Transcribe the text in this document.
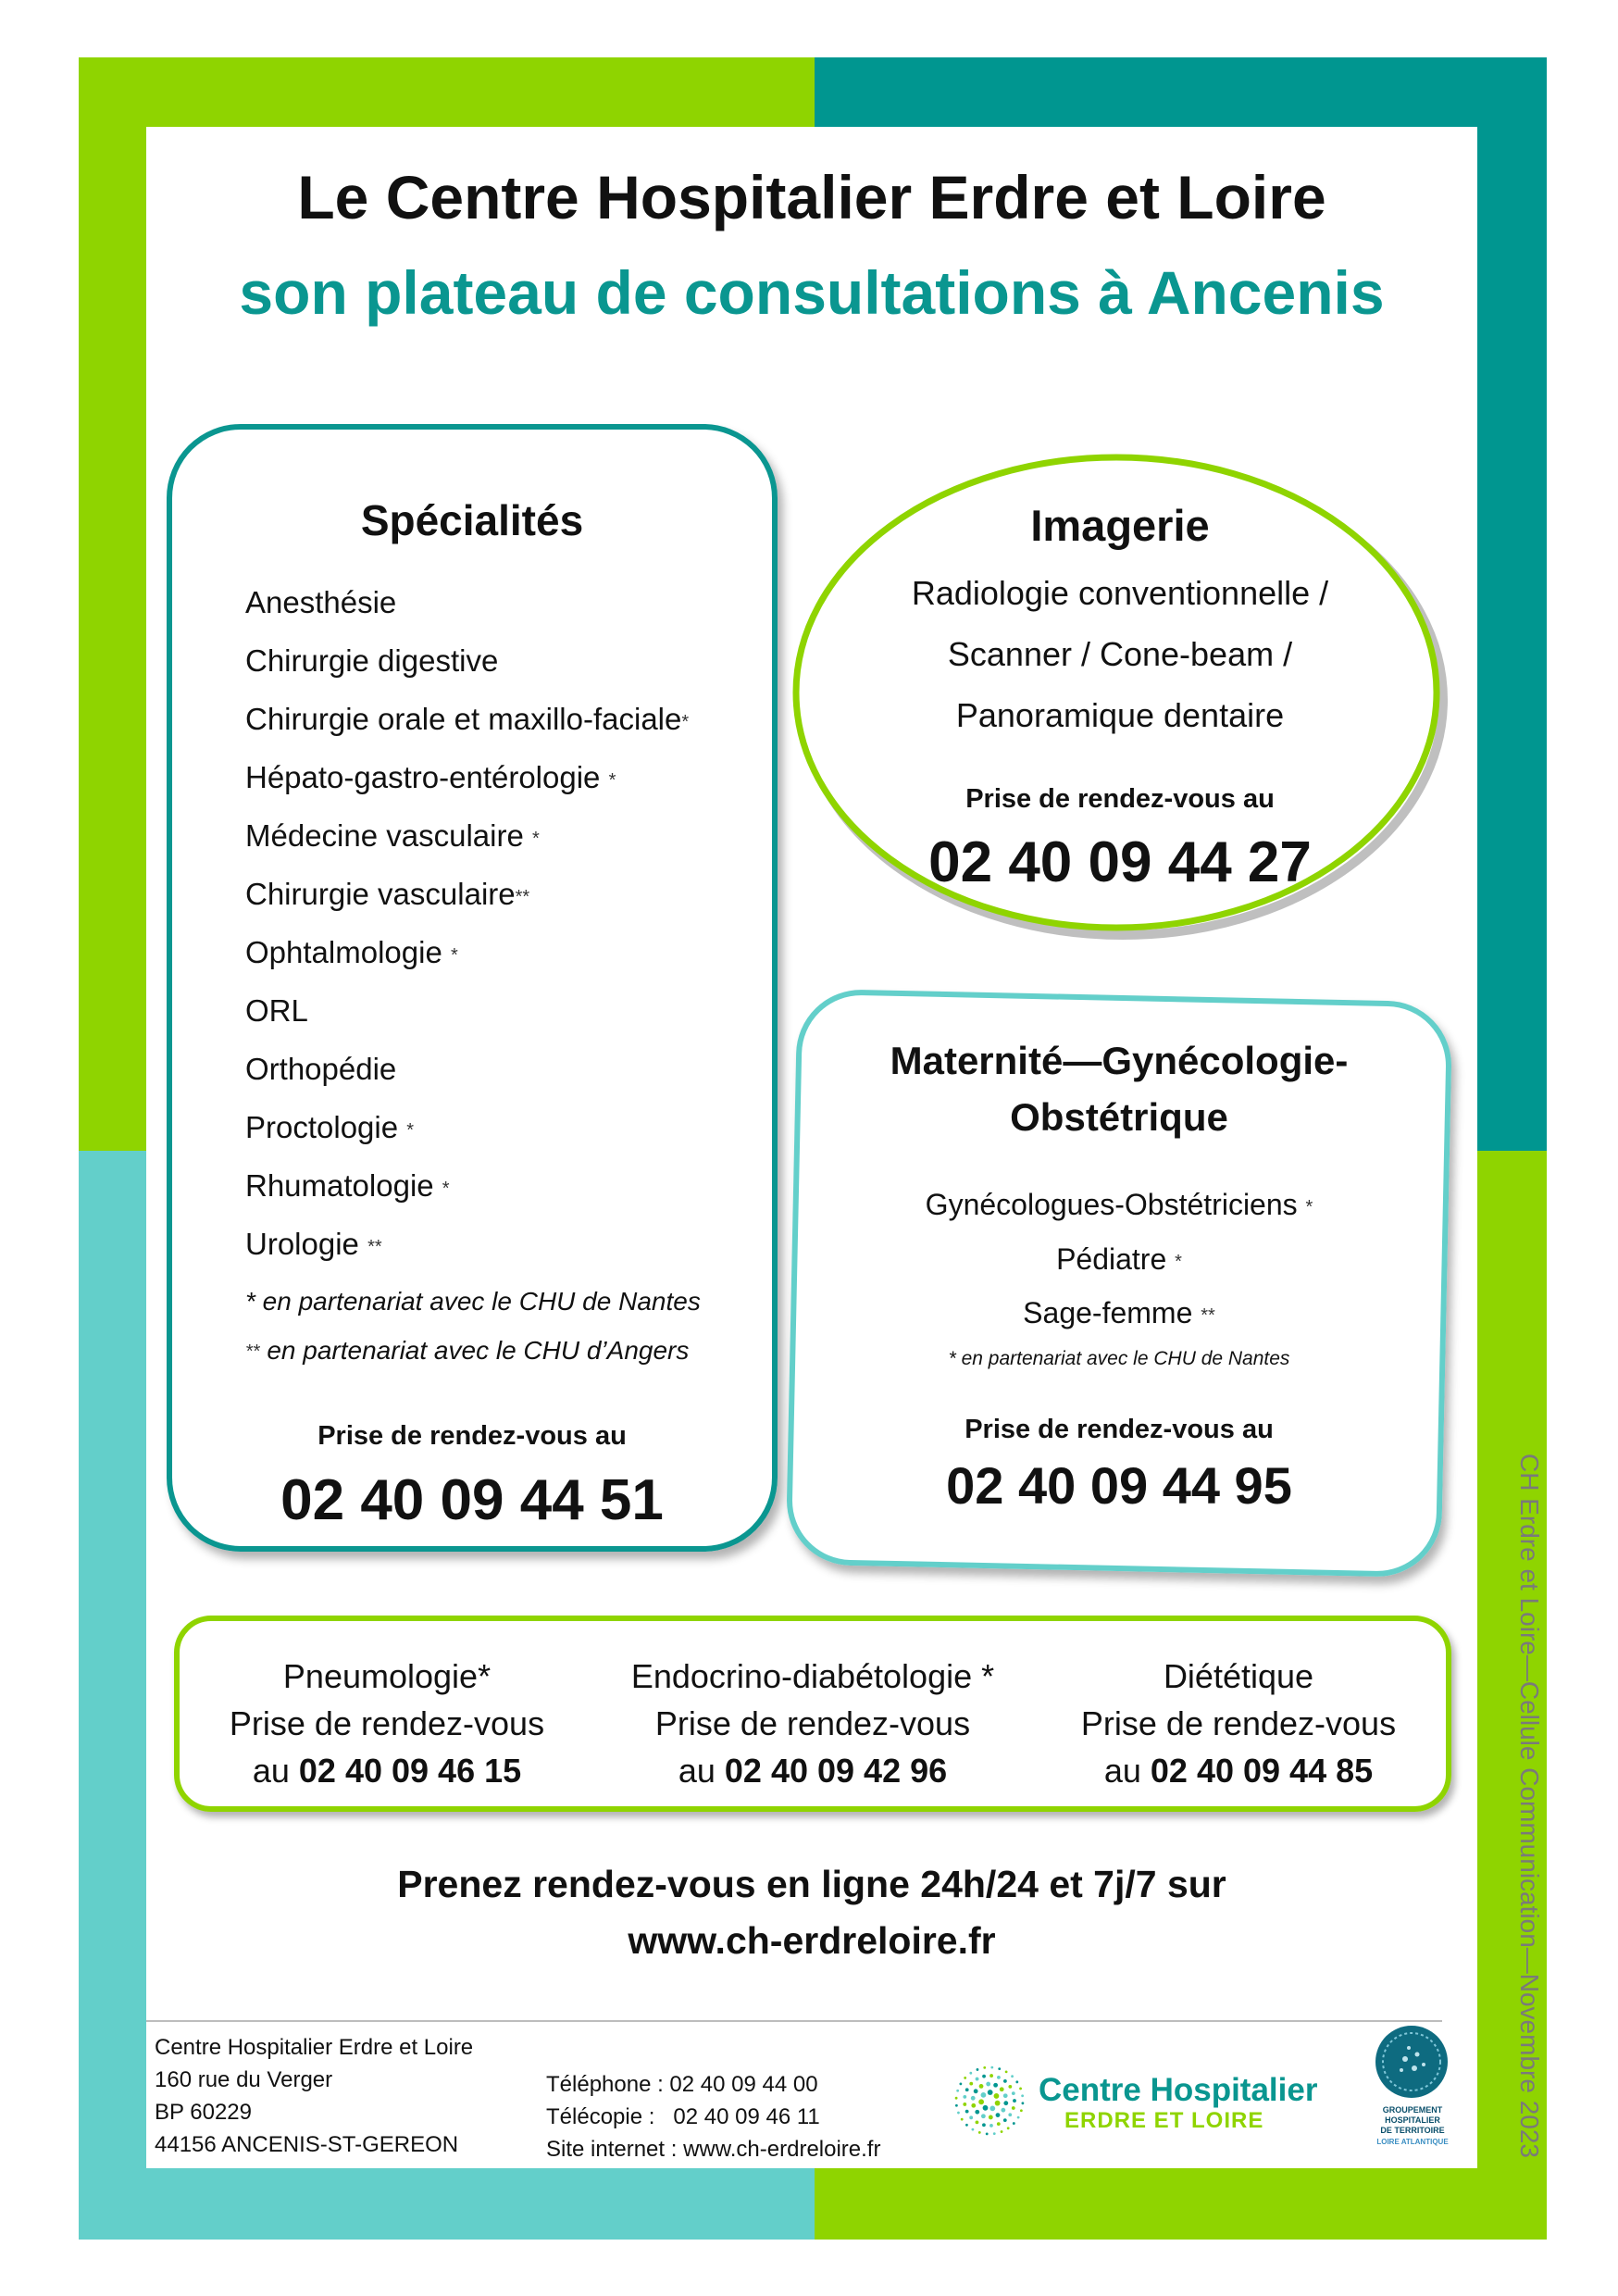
Le Centre Hospitalier Erdre et Loire
son plateau de consultations à Ancenis
Spécialités
Anesthésie
Chirurgie digestive
Chirurgie orale et maxillo-faciale*
Hépato-gastro-entérologie *
Médecine vasculaire *
Chirurgie vasculaire**
Ophtalmologie *
ORL
Orthopédie
Proctologie *
Rhumatologie *
Urologie **
* en partenariat avec le CHU de Nantes
** en partenariat avec le CHU d’Angers
Prise de rendez-vous au
02 40 09 44 51
Imagerie
Radiologie conventionnelle /
Scanner / Cone-beam /
Panoramique dentaire
Prise de rendez-vous au
02 40 09 44 27
Maternité—Gynécologie-
Obstétrique
Gynécologues-Obstétriciens *
Pédiatre *
Sage-femme **
* en partenariat avec le CHU de Nantes
Prise de rendez-vous au
02 40 09 44 95
Pneumologie*
Prise de rendez-vous
au 02 40 09 46 15
Endocrino-diabétologie *
Prise de rendez-vous
au 02 40 09 42 96
Diététique
Prise de rendez-vous
au 02 40 09 44 85
Prenez rendez-vous en ligne 24h/24 et 7j/7 sur
www.ch-erdreloire.fr
Centre Hospitalier Erdre et Loire
160 rue du Verger
BP 60229
44156 ANCENIS-ST-GEREON
Téléphone : 02 40 09 44 00
Télécopie :   02 40 09 46 11
Site internet : www.ch-erdreloire.fr
Centre Hospitalier
ERDRE ET LOIRE	GROUPEMENT
HOSPITALIER
DE TERRITOIRE
LOIRE ATLANTIQUE	CH Erdre et Loire—Cellule Communication—Novembre 2023
